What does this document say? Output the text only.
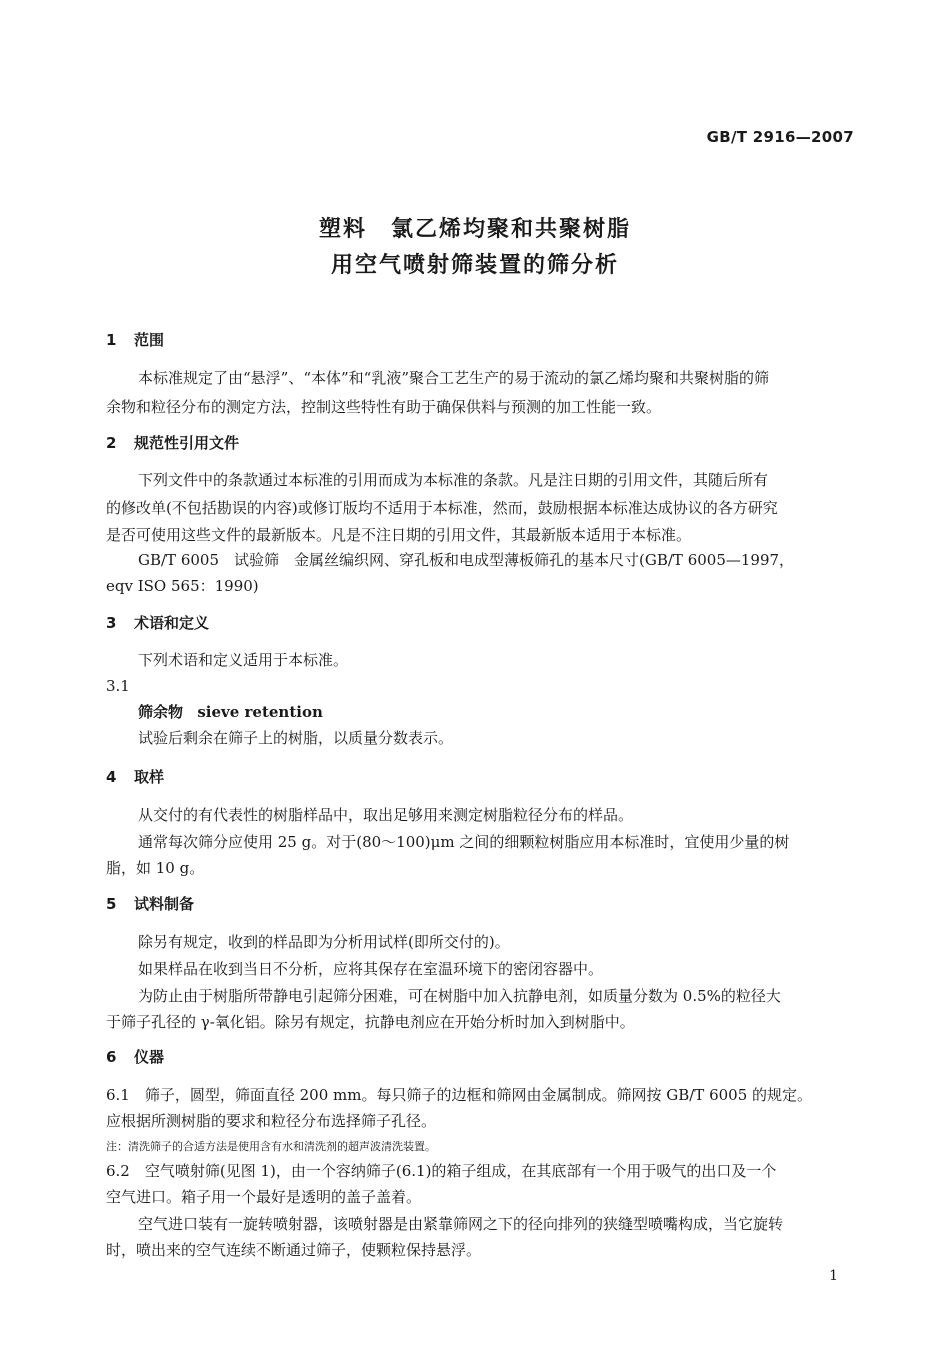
GB/T 2916—2007
塑料　氯乙烯均聚和共聚树脂
用空气喷射筛装置的筛分析
1 范围
本标准规定了由“悬浮”、“本体”和“乳液”聚合工艺生产的易于流动的氯乙烯均聚和共聚树脂的筛
余物和粒径分布的测定方法，控制这些特性有助于确保供料与预测的加工性能一致。
2 规范性引用文件
下列文件中的条款通过本标准的引用而成为本标准的条款。凡是注日期的引用文件，其随后所有
的修改单(不包括勘误的内容)或修订版均不适用于本标准，然而，鼓励根据本标准达成协议的各方研究
是否可使用这些文件的最新版本。凡是不注日期的引用文件，其最新版本适用于本标准。
GB/T 6005　试验筛　金属丝编织网、穿孔板和电成型薄板筛孔的基本尺寸(GB/T 6005—1997，
eqv ISO 565：1990)
3 术语和定义
下列术语和定义适用于本标准。
3.1
筛余物 sieve retention
试验后剩余在筛子上的树脂，以质量分数表示。
4 取样
从交付的有代表性的树脂样品中，取出足够用来测定树脂粒径分布的样品。
通常每次筛分应使用 25 g。对于(80～100)μm 之间的细颗粒树脂应用本标准时，宜使用少量的树
脂，如 10 g。
5 试料制备
除另有规定，收到的样品即为分析用试样(即所交付的)。
如果样品在收到当日不分析，应将其保存在室温环境下的密闭容器中。
为防止由于树脂所带静电引起筛分困难，可在树脂中加入抗静电剂，如质量分数为 0.5%的粒径大
于筛子孔径的 γ-氧化铝。除另有规定，抗静电剂应在开始分析时加入到树脂中。
6 仪器
6.1　筛子，圆型，筛面直径 200 mm。每只筛子的边框和筛网由金属制成。筛网按 GB/T 6005 的规定。
应根据所测树脂的要求和粒径分布选择筛子孔径。
注：清洗筛子的合适方法是使用含有水和清洗剂的超声波清洗装置。
6.2　空气喷射筛(见图 1)，由一个容纳筛子(6.1)的箱子组成，在其底部有一个用于吸气的出口及一个
空气进口。箱子用一个最好是透明的盖子盖着。
空气进口装有一旋转喷射器，该喷射器是由紧靠筛网之下的径向排列的狭缝型喷嘴构成，当它旋转
时，喷出来的空气连续不断通过筛子，使颗粒保持悬浮。
1
